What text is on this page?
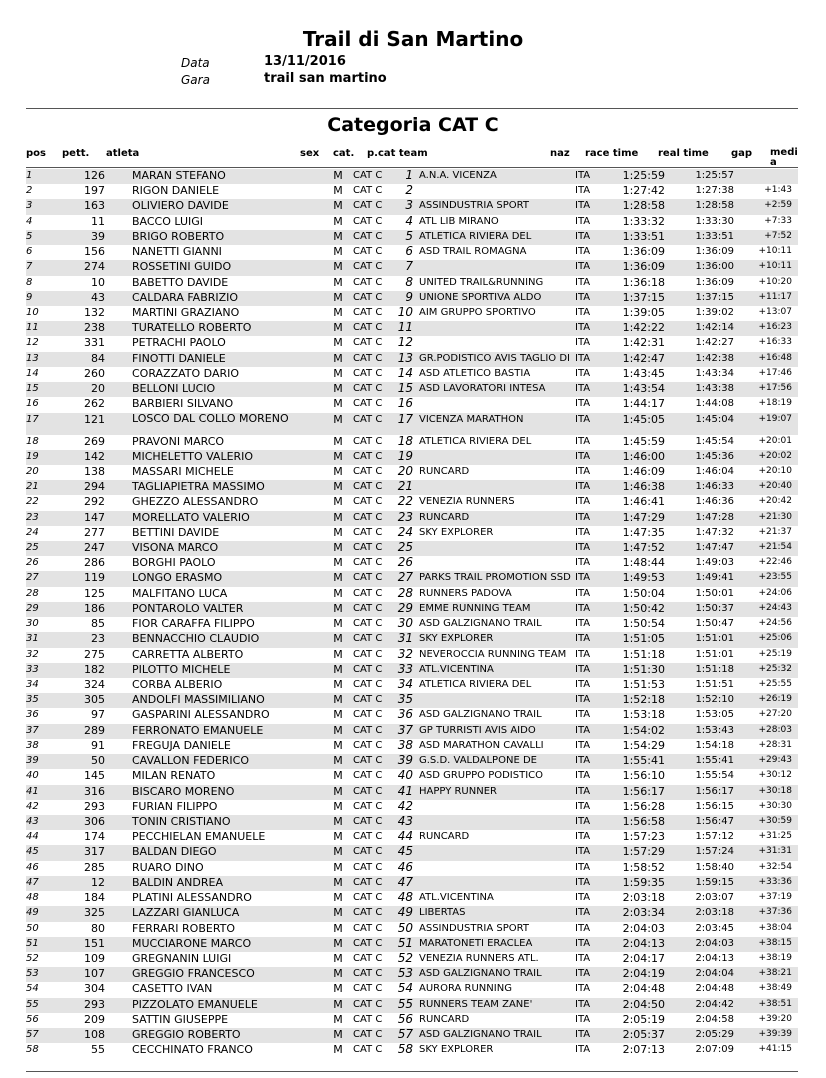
Trail di San Martino
Data	13/11/2016
Gara	trail san martino
Categoria CAT C
pos pett. atleta	sex cat. p.cat team	naz race time real time gap medi a
1	126	MARAN STEFANO	M	CAT C	1	A.N.A. VICENZA	ITA	1:25:59	1:25:57	
2	197	RIGON DANIELE	M	CAT C	2		ITA	1:27:42	1:27:38	+1:43
3	163	OLIVIERO DAVIDE	M	CAT C	3	ASSINDUSTRIA SPORT	ITA	1:28:58	1:28:58	+2:59
4	11	BACCO LUIGI	M	CAT C	4	ATL LIB MIRANO	ITA	1:33:32	1:33:30	+7:33
5	39	BRIGO ROBERTO	M	CAT C	5	ATLETICA RIVIERA DEL	ITA	1:33:51	1:33:51	+7:52
6	156	NANETTI GIANNI	M	CAT C	6	ASD TRAIL ROMAGNA	ITA	1:36:09	1:36:09	+10:11
7	274	ROSSETINI GUIDO	M	CAT C	7		ITA	1:36:09	1:36:00	+10:11
8	10	BABETTO DAVIDE	M	CAT C	8	UNITED TRAIL&RUNNING	ITA	1:36:18	1:36:09	+10:20
9	43	CALDARA FABRIZIO	M	CAT C	9	UNIONE SPORTIVA ALDO	ITA	1:37:15	1:37:15	+11:17
10	132	MARTINI GRAZIANO	M	CAT C	10	AIM GRUPPO SPORTIVO	ITA	1:39:05	1:39:02	+13:07
11	238	TURATELLO ROBERTO	M	CAT C	11		ITA	1:42:22	1:42:14	+16:23
12	331	PETRACHI PAOLO	M	CAT C	12		ITA	1:42:31	1:42:27	+16:33
13	84	FINOTTI DANIELE	M	CAT C	13	GR.PODISTICO AVIS TAGLIO DI	ITA	1:42:47	1:42:38	+16:48
14	260	CORAZZATO DARIO	M	CAT C	14	ASD ATLETICO BASTIA	ITA	1:43:45	1:43:34	+17:46
15	20	BELLONI LUCIO	M	CAT C	15	ASD LAVORATORI INTESA	ITA	1:43:54	1:43:38	+17:56
16	262	BARBIERI SILVANO	M	CAT C	16		ITA	1:44:17	1:44:08	+18:19
17	121	LOSCO DAL COLLO MORENO	M	CAT C	17	VICENZA MARATHON	ITA	1:45:05	1:45:04	+19:07
18	269	PRAVONI MARCO	M	CAT C	18	ATLETICA RIVIERA DEL	ITA	1:45:59	1:45:54	+20:01
19	142	MICHELETTO VALERIO	M	CAT C	19		ITA	1:46:00	1:45:36	+20:02
20	138	MASSARI MICHELE	M	CAT C	20	RUNCARD	ITA	1:46:09	1:46:04	+20:10
21	294	TAGLIAPIETRA MASSIMO	M	CAT C	21		ITA	1:46:38	1:46:33	+20:40
22	292	GHEZZO ALESSANDRO	M	CAT C	22	VENEZIA RUNNERS	ITA	1:46:41	1:46:36	+20:42
23	147	MORELLATO VALERIO	M	CAT C	23	RUNCARD	ITA	1:47:29	1:47:28	+21:30
24	277	BETTINI DAVIDE	M	CAT C	24	SKY EXPLORER	ITA	1:47:35	1:47:32	+21:37
25	247	VISONA MARCO	M	CAT C	25		ITA	1:47:52	1:47:47	+21:54
26	286	BORGHI PAOLO	M	CAT C	26		ITA	1:48:44	1:49:03	+22:46
27	119	LONGO ERASMO	M	CAT C	27	PARKS TRAIL PROMOTION SSD	ITA	1:49:53	1:49:41	+23:55
28	125	MALFITANO LUCA	M	CAT C	28	RUNNERS PADOVA	ITA	1:50:04	1:50:01	+24:06
29	186	PONTAROLO VALTER	M	CAT C	29	EMME RUNNING TEAM	ITA	1:50:42	1:50:37	+24:43
30	85	FIOR CARAFFA FILIPPO	M	CAT C	30	ASD GALZIGNANO TRAIL	ITA	1:50:54	1:50:47	+24:56
31	23	BENNACCHIO CLAUDIO	M	CAT C	31	SKY EXPLORER	ITA	1:51:05	1:51:01	+25:06
32	275	CARRETTA ALBERTO	M	CAT C	32	NEVEROCCIA RUNNING TEAM	ITA	1:51:18	1:51:01	+25:19
33	182	PILOTTO MICHELE	M	CAT C	33	ATL.VICENTINA	ITA	1:51:30	1:51:18	+25:32
34	324	CORBA ALBERIO	M	CAT C	34	ATLETICA RIVIERA DEL	ITA	1:51:53	1:51:51	+25:55
35	305	ANDOLFI MASSIMILIANO	M	CAT C	35		ITA	1:52:18	1:52:10	+26:19
36	97	GASPARINI ALESSANDRO	M	CAT C	36	ASD GALZIGNANO TRAIL	ITA	1:53:18	1:53:05	+27:20
37	289	FERRONATO EMANUELE	M	CAT C	37	GP TURRISTI AVIS AIDO	ITA	1:54:02	1:53:43	+28:03
38	91	FREGUJA DANIELE	M	CAT C	38	ASD MARATHON CAVALLI	ITA	1:54:29	1:54:18	+28:31
39	50	CAVALLON FEDERICO	M	CAT C	39	G.S.D. VALDALPONE DE	ITA	1:55:41	1:55:41	+29:43
40	145	MILAN RENATO	M	CAT C	40	ASD GRUPPO PODISTICO	ITA	1:56:10	1:55:54	+30:12
41	316	BISCARO MORENO	M	CAT C	41	HAPPY RUNNER	ITA	1:56:17	1:56:17	+30:18
42	293	FURIAN FILIPPO	M	CAT C	42		ITA	1:56:28	1:56:15	+30:30
43	306	TONIN CRISTIANO	M	CAT C	43		ITA	1:56:58	1:56:47	+30:59
44	174	PECCHIELAN EMANUELE	M	CAT C	44	RUNCARD	ITA	1:57:23	1:57:12	+31:25
45	317	BALDAN DIEGO	M	CAT C	45		ITA	1:57:29	1:57:24	+31:31
46	285	RUARO DINO	M	CAT C	46		ITA	1:58:52	1:58:40	+32:54
47	12	BALDIN ANDREA	M	CAT C	47		ITA	1:59:35	1:59:15	+33:36
48	184	PLATINI ALESSANDRO	M	CAT C	48	ATL.VICENTINA	ITA	2:03:18	2:03:07	+37:19
49	325	LAZZARI GIANLUCA	M	CAT C	49	LIBERTAS	ITA	2:03:34	2:03:18	+37:36
50	80	FERRARI ROBERTO	M	CAT C	50	ASSINDUSTRIA SPORT	ITA	2:04:03	2:03:45	+38:04
51	151	MUCCIARONE MARCO	M	CAT C	51	MARATONETI ERACLEA	ITA	2:04:13	2:04:03	+38:15
52	109	GREGNANIN LUIGI	M	CAT C	52	VENEZIA RUNNERS ATL.	ITA	2:04:17	2:04:13	+38:19
53	107	GREGGIO FRANCESCO	M	CAT C	53	ASD GALZIGNANO TRAIL	ITA	2:04:19	2:04:04	+38:21
54	304	CASETTO IVAN	M	CAT C	54	AURORA RUNNING	ITA	2:04:48	2:04:48	+38:49
55	293	PIZZOLATO EMANUELE	M	CAT C	55	RUNNERS TEAM ZANE'	ITA	2:04:50	2:04:42	+38:51
56	209	SATTIN GIUSEPPE	M	CAT C	56	RUNCARD	ITA	2:05:19	2:04:58	+39:20
57	108	GREGGIO ROBERTO	M	CAT C	57	ASD GALZIGNANO TRAIL	ITA	2:05:37	2:05:29	+39:39
58	55	CECCHINATO FRANCO	M	CAT C	58	SKY EXPLORER	ITA	2:07:13	2:07:09	+41:15
